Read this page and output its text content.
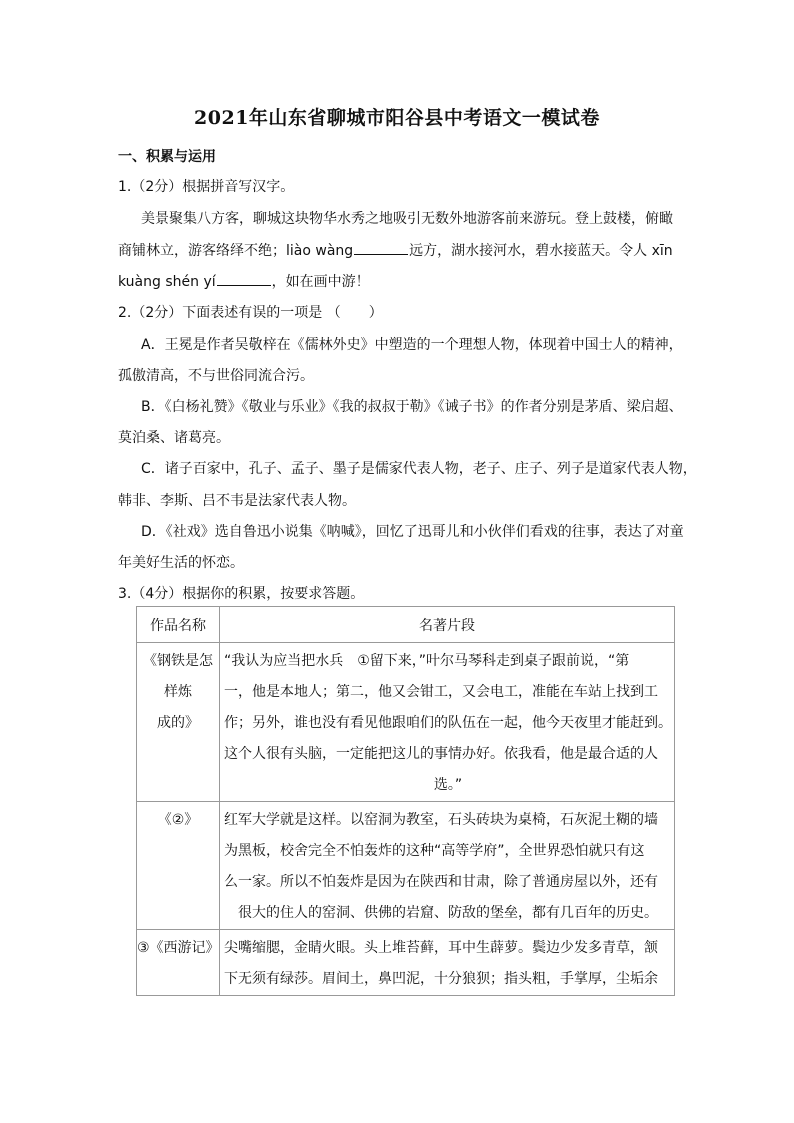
2021年山东省聊城市阳谷县中考语文一模试卷
一、积累与运用
1.（2分）根据拼音写汉字。
美景聚集八方客，聊城这块物华水秀之地吸引无数外地游客前来游玩。登上鼓楼，俯瞰
商铺林立，游客络绎不绝；liào wàng	远方，湖水接河水，碧水接蓝天。令人 xīn
kuàng shén yí	，如在画中游！
2.（2分）下面表述有误的一项是 （　　）
A．王冕是作者吴敬梓在《儒林外史》中塑造的一个理想人物，体现着中国士人的精神，
孤傲清高，不与世俗同流合污。
B．《白杨礼赞》《敬业与乐业》《我的叔叔于勒》《诫子书》的作者分别是茅盾、梁启超、
莫泊桑、诸葛亮。
C．诸子百家中，孔子、孟子、墨子是儒家代表人物，老子、庄子、列子是道家代表人物，
韩非、李斯、吕不韦是法家代表人物。
D．《社戏》选自鲁迅小说集《呐喊》，回忆了迅哥儿和小伙伴们看戏的往事，表达了对童
年美好生活的怀恋。
3.（4分）根据你的积累，按要求答题。
作品名称	名著片段

《钢铁是怎样炼
成的》	“我认为应当把水兵　①留下来，”叶尔马琴科走到桌子跟前说，“第
一，他是本地人；第二，他又会钳工，又会电工，准能在车站上找到工
作；另外，谁也没有看见他跟咱们的队伍在一起，他今天夜里才能赶到。
这个人很有头脑，一定能把这儿的事情办好。依我看，他是最合适的人
选。”

《②》	红军大学就是这样。以窑洞为教室，石头砖块为桌椅，石灰泥土糊的墙
为黑板，校舍完全不怕轰炸的这种“高等学府”，全世界恐怕就只有这
么一家。所以不怕轰炸是因为在陕西和甘肃，除了普通房屋以外，还有
很大的住人的窑洞、供佛的岩窟、防敌的堡垒，都有几百年的历史。

③《西游记》	尖嘴缩腮，金睛火眼。头上堆苔藓，耳中生薜萝。鬓边少发多青草，颔
下无须有绿莎。眉间土，鼻凹泥，十分狼狈；指头粗，手掌厚，尘垢余
